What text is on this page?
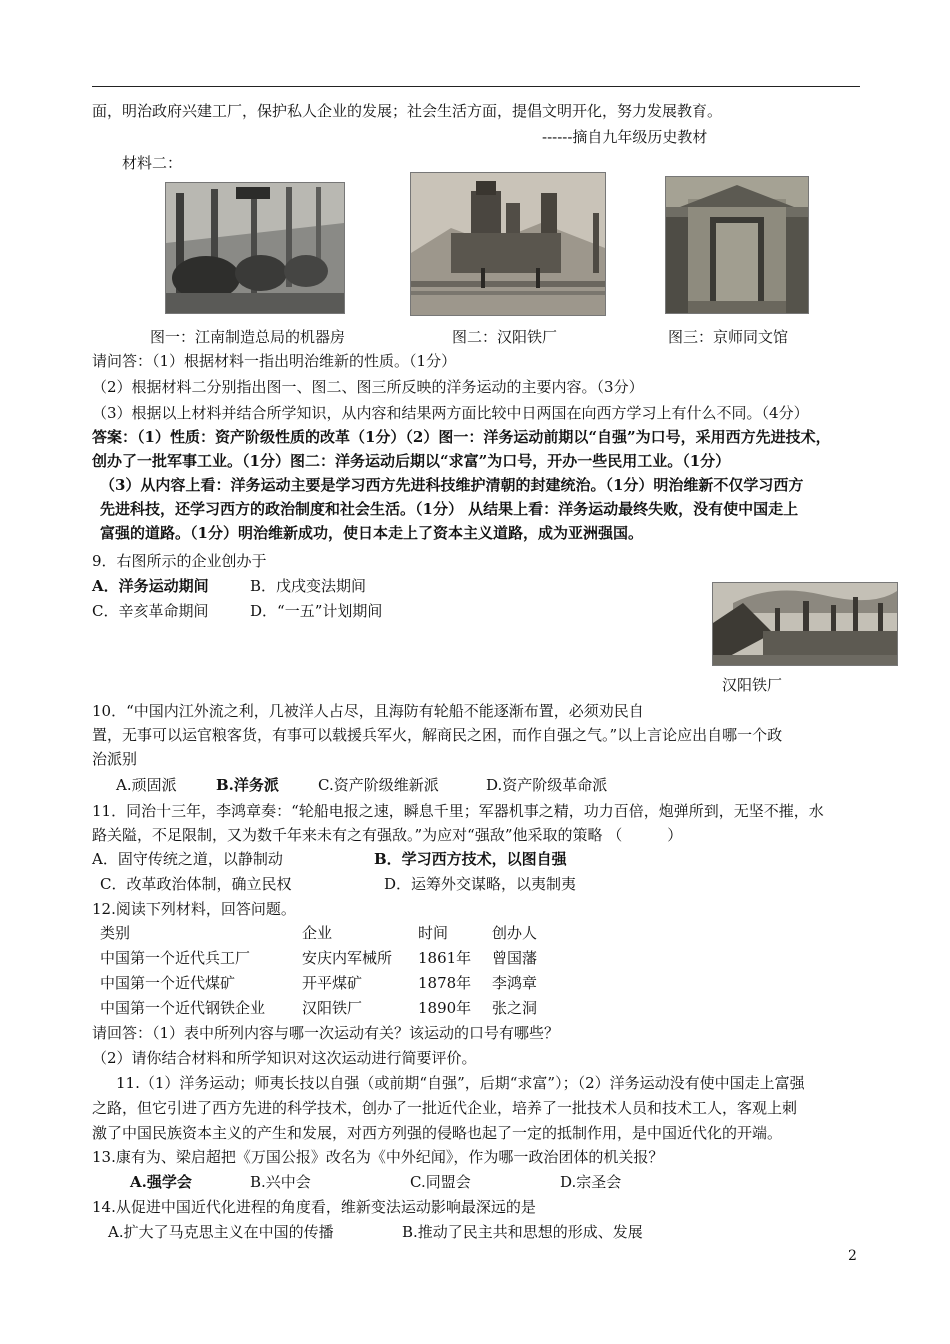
面，明治政府兴建工厂，保护私人企业的发展；社会生活方面，提倡文明开化，努力发展教育。
------摘自九年级历史教材
材料二：
图一：江南制造总局的机器房	图二：汉阳铁厂	图三：京师同文馆
请问答：（1）根据材料一指出明治维新的性质。（1分）
（2）根据材料二分别指出图一、图二、图三所反映的洋务运动的主要内容。（3分）
（3）根据以上材料并结合所学知识，从内容和结果两方面比较中日两国在向西方学习上有什么不同。（4分）
答案：（1）性质：资产阶级性质的改革（1分）（2）图一：洋务运动前期以“自强”为口号，采用西方先进技术，
创办了一批军事工业。（1分）图二：洋务运动后期以“求富”为口号，开办一些民用工业。（1分）
（3）从内容上看：洋务运动主要是学习西方先进科技维护清朝的封建统治。（1分）明治维新不仅学习西方
先进科技，还学习西方的政治制度和社会生活。（1分） 从结果上看：洋务运动最终失败，没有使中国走上
富强的道路。（1分）明治维新成功，使日本走上了资本主义道路，成为亚洲强国。
9．右图所示的企业创办于
A．洋务运动期间	B．戊戌变法期间
C．辛亥革命期间	D．“一五”计划期间
汉阳铁厂
10．“中国内江外流之利，几被洋人占尽，且海防有轮船不能逐渐布置，必须劝民自
置，无事可以运官粮客货，有事可以载援兵军火，解商民之困，而作自强之气。”以上言论应出自哪一个政
治派别
A.顽固派	B.洋务派	C.资产阶级维新派	D.资产阶级革命派
11．同治十三年，李鸿章奏：“轮船电报之速，瞬息千里；军器机事之精，功力百倍，炮弹所到，无坚不摧，水
路关隘，不足限制，又为数千年来未有之有强敌。”为应对“强敌”他采取的策略 （　　　）
A．固守传统之道，以静制动	B．学习西方技术，以图自强
C．改革政治体制，确立民权	D．运筹外交谋略，以夷制夷
12.阅读下列材料，回答问题。
类别	企业	时间	创办人
中国第一个近代兵工厂	安庆内军械所 1861年 曾国藩
中国第一个近代煤矿	开平煤矿	1878年 李鸿章
中国第一个近代钢铁企业 汉阳铁厂	1890年 张之洞
请回答：（1）表中所列内容与哪一次运动有关？该运动的口号有哪些？
（2）请你结合材料和所学知识对这次运动进行简要评价。
11.（1）洋务运动；师夷长技以自强（或前期“自强”，后期“求富”）；（2）洋务运动没有使中国走上富强
之路，但它引进了西方先进的科学技术，创办了一批近代企业，培养了一批技术人员和技术工人，客观上刺
激了中国民族资本主义的产生和发展，对西方列强的侵略也起了一定的抵制作用，是中国近代化的开端。
13.康有为、梁启超把《万国公报》改名为《中外纪闻》，作为哪一政治团体的机关报？
A.强学会	B.兴中会	C.同盟会	D.宗圣会
14.从促进中国近代化进程的角度看，维新变法运动影响最深远的是
A.扩大了马克思主义在中国的传播	B.推动了民主共和思想的形成、发展
2
